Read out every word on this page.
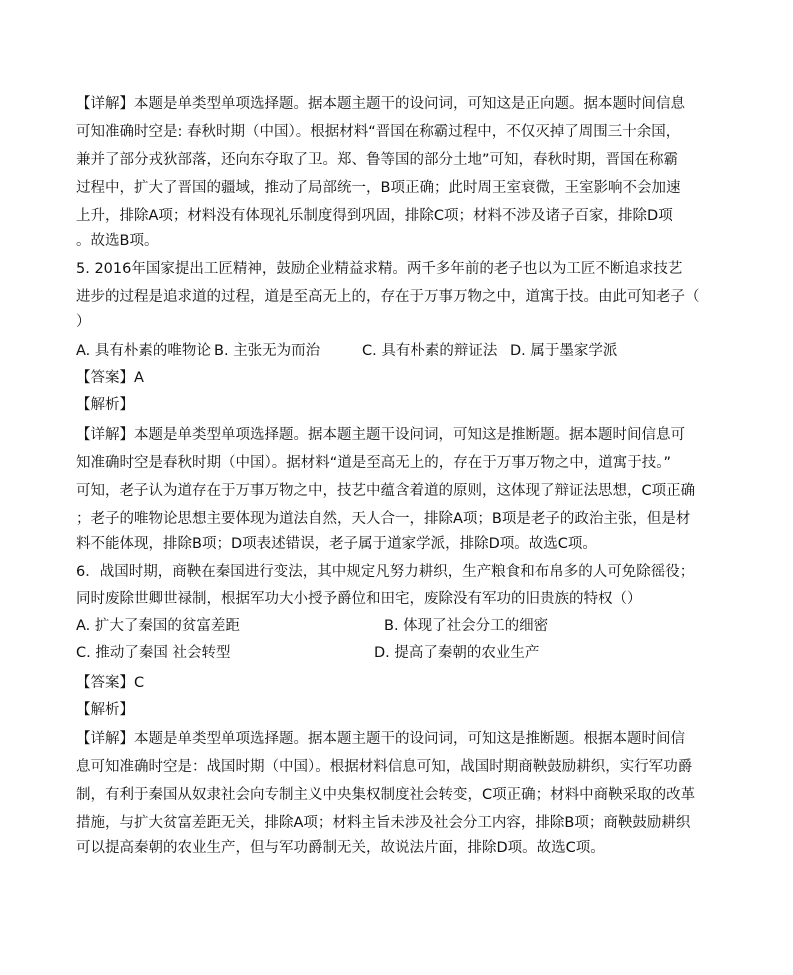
【详解】本题是单类型单项选择题。据本题主题干的设问词，可知这是正向题。据本题时间信息
可知准确时空是: 春秋时期（中国）。根据材料“晋国在称霸过程中，不仅灭掉了周围三十余国，
兼并了部分戎狄部落，还向东夺取了卫。郑、鲁等国的部分土地”可知，春秋时期，晋国在称霸
过程中，扩大了晋国的疆域，推动了局部统一，B项正确；此时周王室衰微，王室影响不会加速
上升，排除A项；材料没有体现礼乐制度得到巩固，排除C项；材料不涉及诸子百家，排除D项
。故选B项。
5. 2016年国家提出工匠精神，鼓励企业精益求精。两千多年前的老子也以为工匠不断追求技艺
进步的过程是追求道的过程，道是至高无上的，存在于万事万物之中，道寓于技。由此可知老子（
）
A. 具有朴素的唯物论 B. 主张无为而治	C. 具有朴素的辩证法 D. 属于墨家学派
【答案】A
【解析】
【详解】本题是单类型单项选择题。据本题主题干设问词，可知这是推断题。据本题时间信息可
知准确时空是春秋时期（中国）。据材料“道是至高无上的，存在于万事万物之中，道寓于技。”
可知，老子认为道存在于万事万物之中，技艺中蕴含着道的原则，这体现了辩证法思想，C项正确
；老子的唯物论思想主要体现为道法自然，天人合一，排除A项；B项是老子的政治主张，但是材
料不能体现，排除B项；D项表述错误，老子属于道家学派，排除D项。故选C项。
6．战国时期，商鞅在秦国进行变法，其中规定凡努力耕织，生产粮食和布帛多的人可免除徭役；
同时废除世卿世禄制，根据军功大小授予爵位和田宅，废除没有军功的旧贵族的特权（）
A. 扩大了秦国的贫富差距	B. 体现了社会分工的细密
C. 推动了秦国 社会转型	D. 提高了秦朝的农业生产
【答案】C
【解析】
【详解】本题是单类型单项选择题。据本题主题干的设问词，可知这是推断题。根据本题时间信
息可知准确时空是：战国时期（中国）。根据材料信息可知，战国时期商鞅鼓励耕织，实行军功爵
制，有利于秦国从奴隶社会向专制主义中央集权制度社会转变，C项正确；材料中商鞅采取的改革
措施，与扩大贫富差距无关，排除A项；材料主旨未涉及社会分工内容，排除B项；商鞅鼓励耕织
可以提高秦朝的农业生产，但与军功爵制无关，故说法片面，排除D项。故选C项。
